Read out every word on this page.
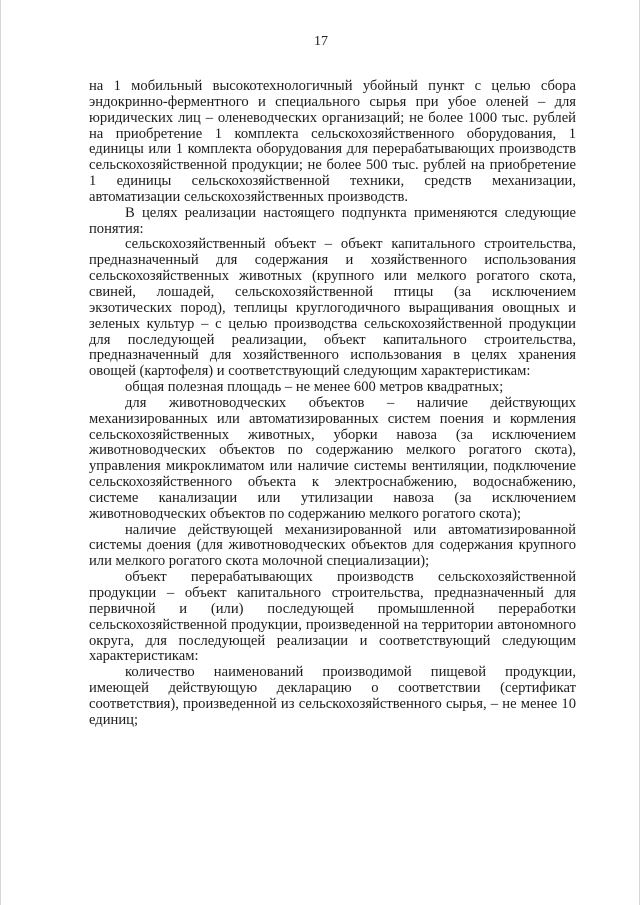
17

на 1 мобильный высокотехнологичный убойный пункт с целью сбора эндокринно-ферментного и специального сырья при убое оленей – для юридических лиц – оленеводческих организаций; не более 1000 тыс. рублей на приобретение 1 комплекта сельскохозяйственного оборудования, 1 единицы или 1 комплекта оборудования для перерабатывающих производств сельскохозяйственной продукции; не более 500 тыс. рублей на приобретение 1 единицы сельскохозяйственной техники, средств механизации, автоматизации сельскохозяйственных производств.

В целях реализации настоящего подпункта применяются следующие понятия:

сельскохозяйственный объект – объект капитального строительства, предназначенный для содержания и хозяйственного использования сельскохозяйственных животных (крупного или мелкого рогатого скота, свиней, лошадей, сельскохозяйственной птицы (за исключением экзотических пород), теплицы круглогодичного выращивания овощных и зеленых культур – с целью производства сельскохозяйственной продукции для последующей реализации, объект капитального строительства, предназначенный для хозяйственного использования в целях хранения овощей (картофеля) и соответствующий следующим характеристикам:

общая полезная площадь – не менее 600 метров квадратных;

для животноводческих объектов – наличие действующих механизированных или автоматизированных систем поения и кормления сельскохозяйственных животных, уборки навоза (за исключением животноводческих объектов по содержанию мелкого рогатого скота), управления микроклиматом или наличие системы вентиляции, подключение сельскохозяйственного объекта к электроснабжению, водоснабжению, системе канализации или утилизации навоза (за исключением животноводческих объектов по содержанию мелкого рогатого скота);

наличие действующей механизированной или автоматизированной системы доения (для животноводческих объектов для содержания крупного или мелкого рогатого скота молочной специализации);

объект перерабатывающих производств сельскохозяйственной продукции – объект капитального строительства, предназначенный для первичной и (или) последующей промышленной переработки сельскохозяйственной продукции, произведенной на территории автономного округа, для последующей реализации и соответствующий следующим характеристикам:

количество наименований производимой пищевой продукции, имеющей действующую декларацию о соответствии (сертификат соответствия), произведенной из сельскохозяйственного сырья, – не менее 10 единиц;
